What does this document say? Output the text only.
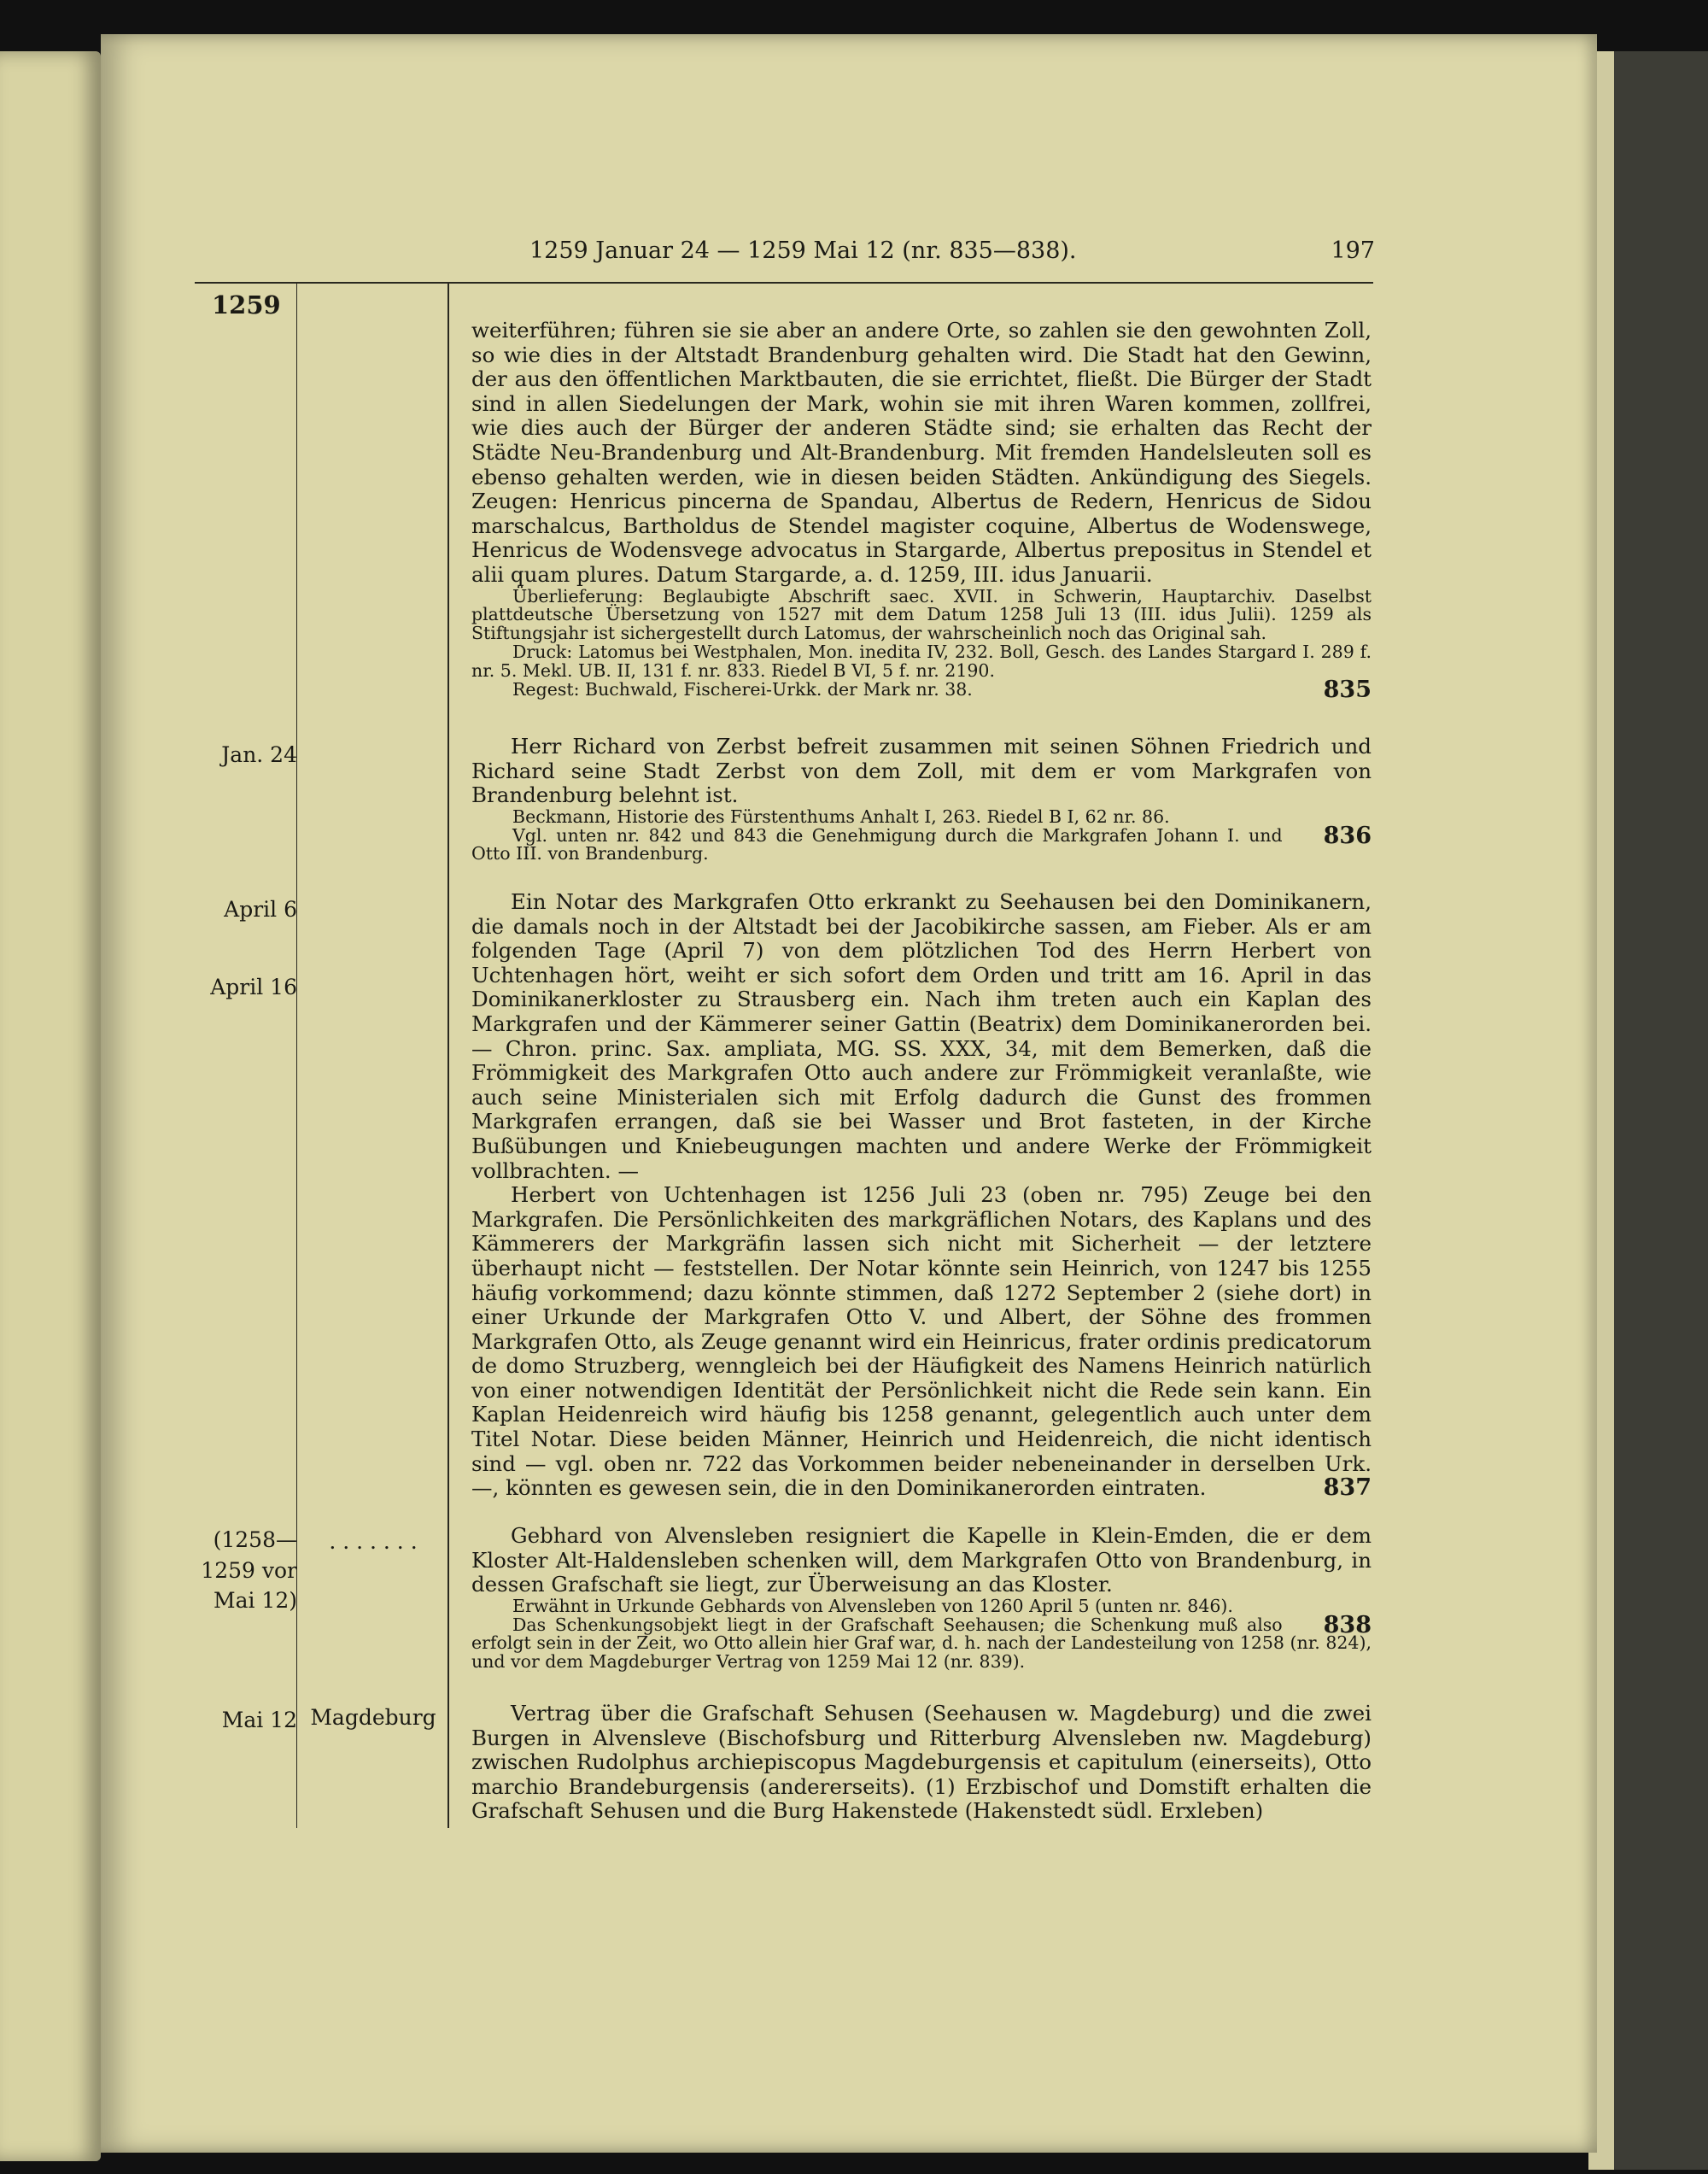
1259 Januar 24 — 1259 Mai 12 (nr. 835—838).	197
1259
Jan. 24
April 6
April 16
(1258— 1259 vor Mai 12)
. . . . . . .
Mai 12 Magdeburg

weiterführen; führen sie sie aber an andere Orte, so zahlen sie den gewohnten Zoll, so wie dies in der Altstadt Brandenburg gehalten wird. Die Stadt hat den Gewinn, der aus den öffentlichen Marktbauten, die sie errichtet, fließt. Die Bürger der Stadt sind in allen Siedelungen der Mark, wohin sie mit ihren Waren kommen, zollfrei, wie dies auch der Bürger der anderen Städte sind; sie erhalten das Recht der Städte Neu-Brandenburg und Alt-Brandenburg. Mit fremden Handelsleuten soll es ebenso gehalten werden, wie in diesen beiden Städten. Ankündigung des Siegels. Zeugen: Henricus pincerna de Spandau, Albertus de Redern, Henricus de Sidou marschalcus, Bartholdus de Stendel magister coquine, Albertus de Wodenswege, Henricus de Wodensvege advocatus in Stargarde, Albertus prepositus in Stendel et alii quam plures. Datum Stargarde, a. d. 1259, III. idus Januarii.

Überlieferung: Beglaubigte Abschrift saec. XVII. in Schwerin, Hauptarchiv. Daselbst plattdeutsche Übersetzung von 1527 mit dem Datum 1258 Juli 13 (III. idus Julii). 1259 als Stiftungsjahr ist sichergestellt durch Latomus, der wahrscheinlich noch das Original sah.

Druck: Latomus bei Westphalen, Mon. inedita IV, 232. Boll, Gesch. des Landes Stargard I. 289 f. nr. 5. Mekl. UB. II, 131 f. nr. 833. Riedel B VI, 5 f. nr. 2190.

835
Regest: Buchwald, Fischerei-Urkk. der Mark nr. 38.

Herr Richard von Zerbst befreit zusammen mit seinen Söhnen Friedrich und Richard seine Stadt Zerbst von dem Zoll, mit dem er vom Markgrafen von Brandenburg belehnt ist.

Beckmann, Historie des Fürstenthums Anhalt I, 263. Riedel B I, 62 nr. 86.

836
Vgl. unten nr. 842 und 843 die Genehmigung durch die Markgrafen Johann I. und Otto III. von Brandenburg.

Ein Notar des Markgrafen Otto erkrankt zu Seehausen bei den Dominikanern, die damals noch in der Altstadt bei der Jacobikirche sassen, am Fieber. Als er am folgenden Tage (April 7) von dem plötzlichen Tod des Herrn Herbert von Uchtenhagen hört, weiht er sich sofort dem Orden und tritt am 16. April in das Dominikanerkloster zu Strausberg ein. Nach ihm treten auch ein Kaplan des Markgrafen und der Kämmerer seiner Gattin (Beatrix) dem Dominikanerorden bei. — Chron. princ. Sax. ampliata, MG. SS. XXX, 34, mit dem Bemerken, daß die Frömmigkeit des Markgrafen Otto auch andere zur Frömmigkeit veranlaßte, wie auch seine Ministerialen sich mit Erfolg dadurch die Gunst des frommen Markgrafen errangen, daß sie bei Wasser und Brot fasteten, in der Kirche Bußübungen und Kniebeugungen machten und andere Werke der Frömmigkeit vollbrachten. —

Herbert von Uchtenhagen ist 1256 Juli 23 (oben nr. 795) Zeuge bei den Markgrafen. Die Persönlichkeiten des markgräflichen Notars, des Kaplans und des Kämmerers der Markgräfin lassen sich nicht mit Sicherheit — der letztere überhaupt nicht — feststellen. Der Notar könnte sein Heinrich, von 1247 bis 1255 häufig vorkommend; dazu könnte stimmen, daß 1272 September 2 (siehe dort) in einer Urkunde der Markgrafen Otto V. und Albert, der Söhne des frommen Markgrafen Otto, als Zeuge genannt wird ein Heinricus, frater ordinis predicatorum de domo Struzberg, wenngleich bei der Häufigkeit des Namens Heinrich natürlich von einer notwendigen Identität der Persönlichkeit nicht die Rede sein kann. Ein Kaplan Heidenreich wird häufig bis 1258 genannt, gelegentlich auch unter dem Titel Notar. Diese beiden Männer, Heinrich und Heidenreich, die nicht identisch sind — vgl. oben nr. 722 das Vorkommen beider nebeneinander in derselben Urk. —, könnten es gewesen sein, die in den Dominikanerorden eintraten.	837

Gebhard von Alvensleben resigniert die Kapelle in Klein-Emden, die er dem Kloster Alt-Haldensleben schenken will, dem Markgrafen Otto von Brandenburg, in dessen Grafschaft sie liegt, zur Überweisung an das Kloster.

Erwähnt in Urkunde Gebhards von Alvensleben von 1260 April 5 (unten nr. 846).

838
Das Schenkungsobjekt liegt in der Grafschaft Seehausen; die Schenkung muß also erfolgt sein in der Zeit, wo Otto allein hier Graf war, d. h. nach der Landesteilung von 1258 (nr. 824), und vor dem Magdeburger Vertrag von 1259 Mai 12 (nr. 839).

Vertrag über die Grafschaft Sehusen (Seehausen w. Magdeburg) und die zwei Burgen in Alvensleve (Bischofsburg und Ritterburg Alvensleben nw. Magdeburg) zwischen Rudolphus archiepiscopus Magdeburgensis et capitulum (einerseits), Otto marchio Brandeburgensis (andererseits). (1) Erzbischof und Domstift erhalten die Grafschaft Sehusen und die Burg Hakenstede (Hakenstedt südl. Erxleben)
